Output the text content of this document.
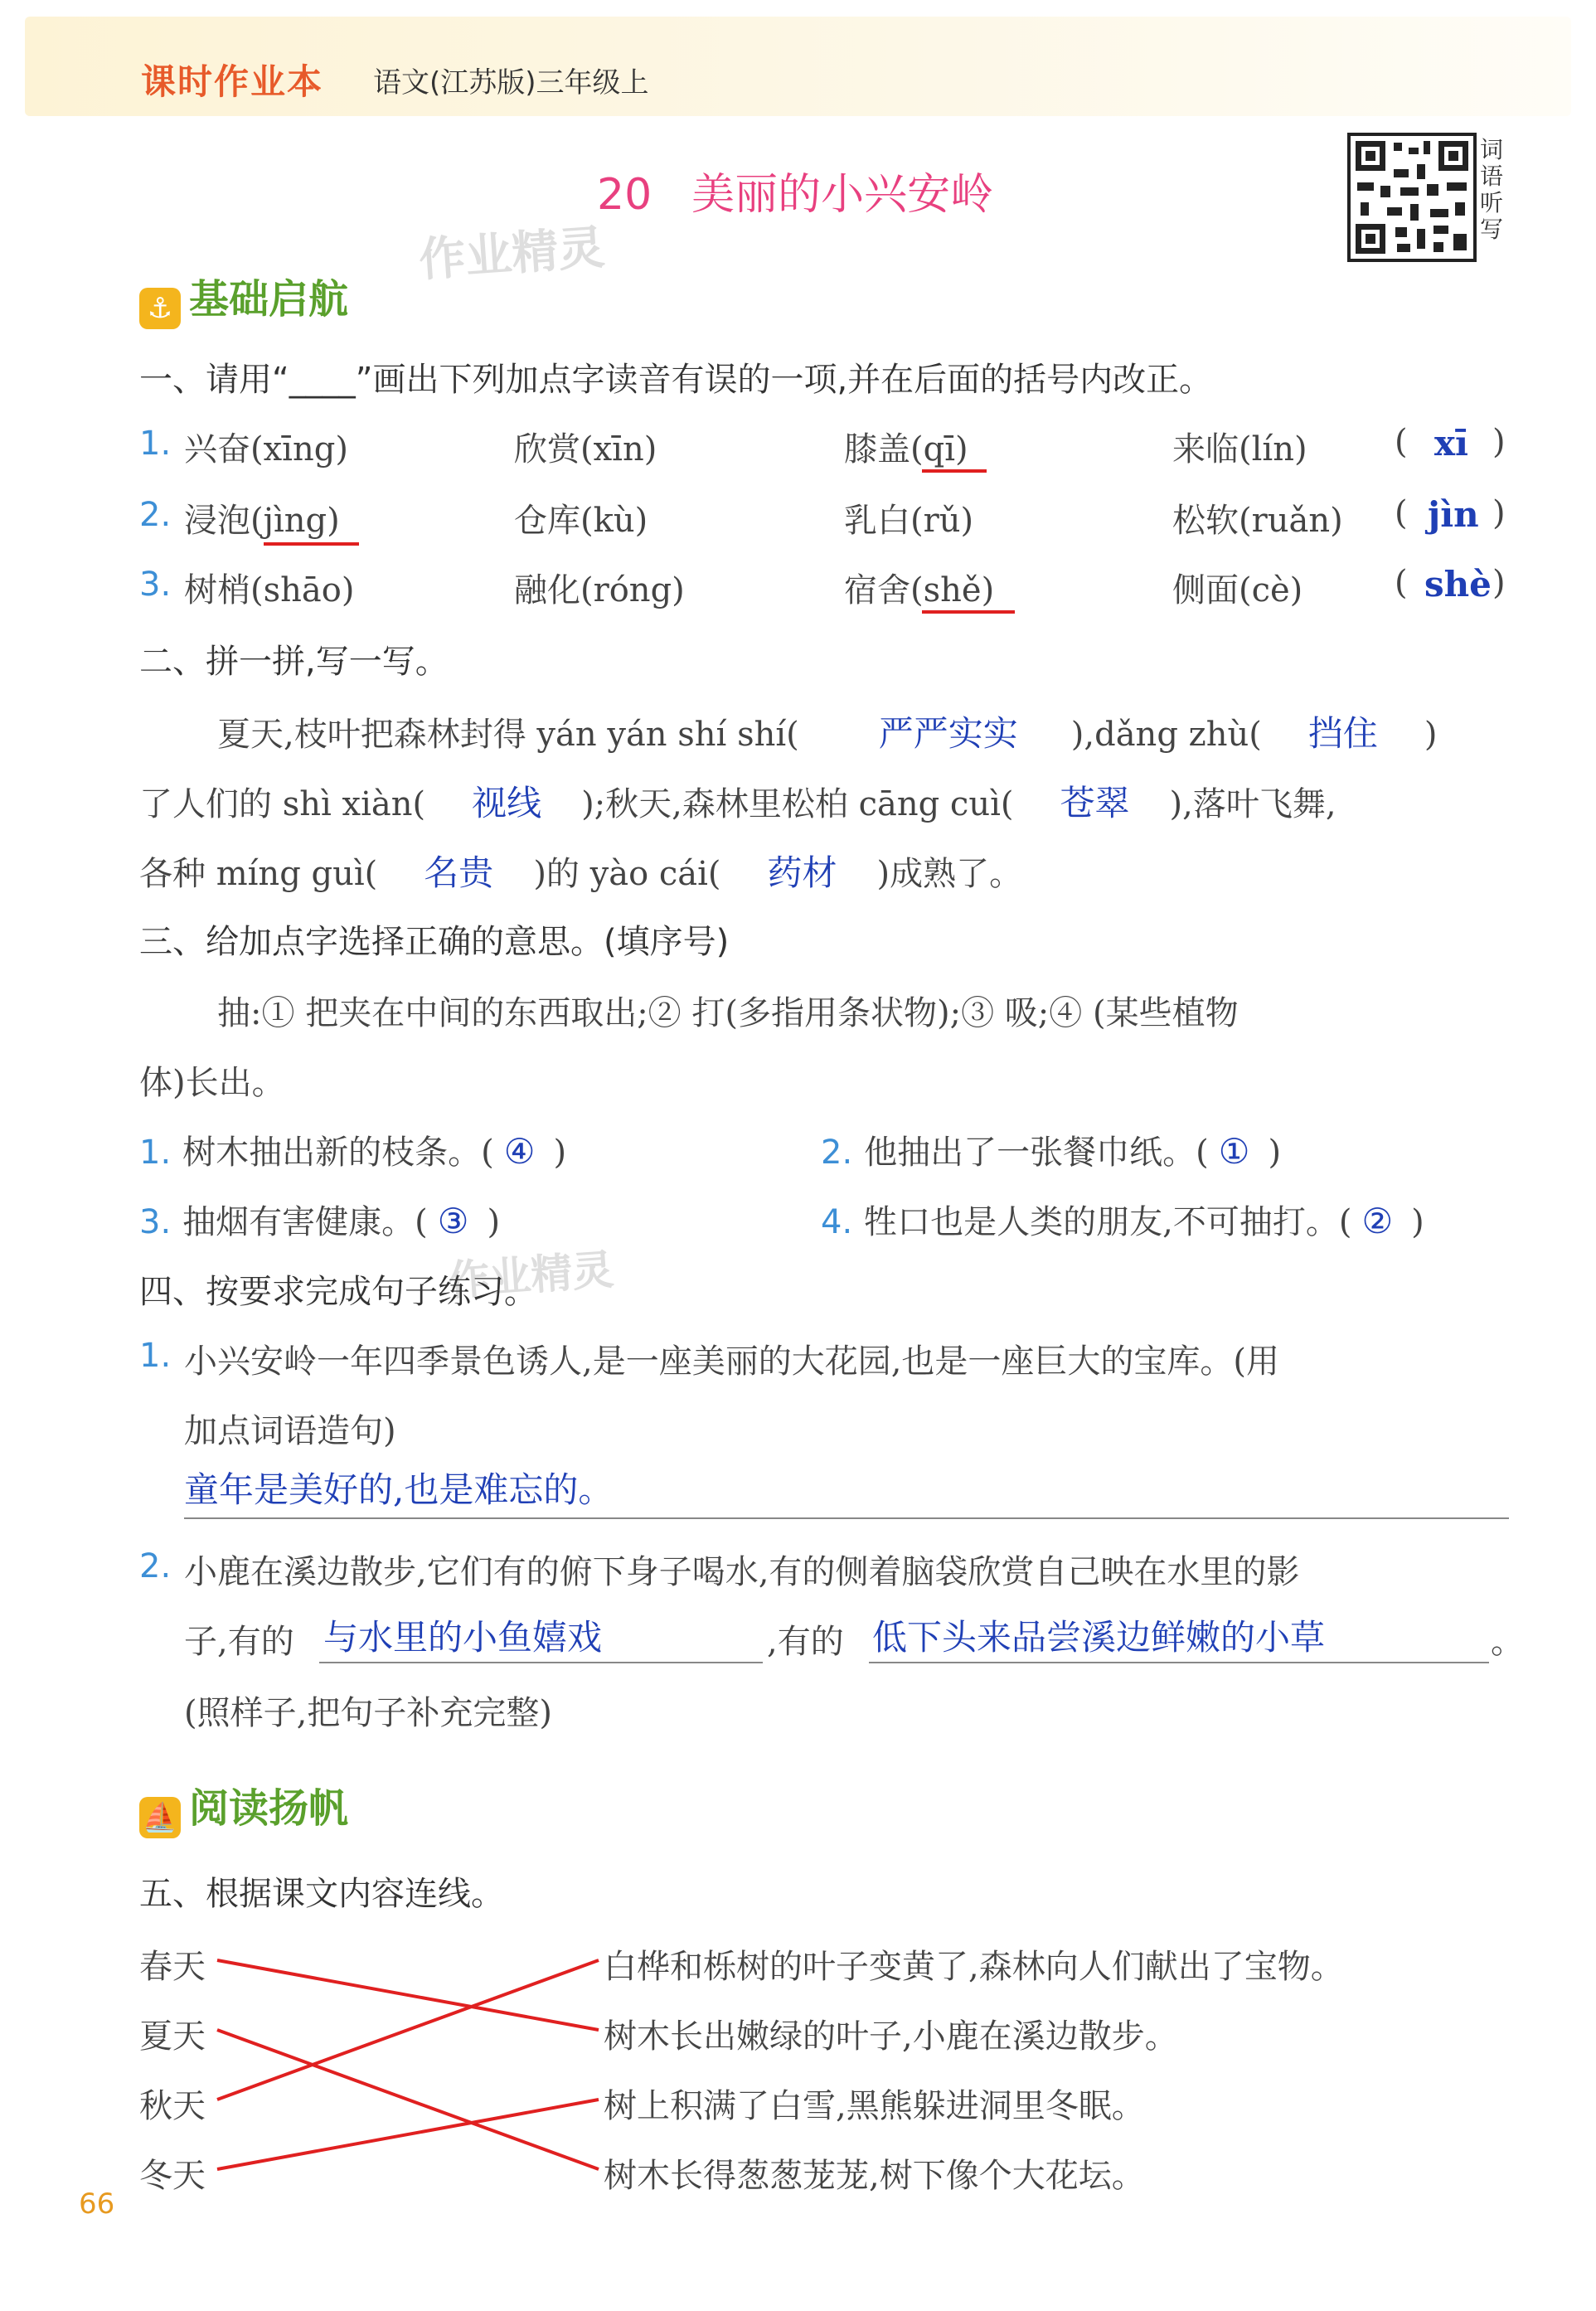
课时作业本 语文(江苏版)三年级上
20 美丽的小兴安岭
词语听写
作业精灵
作业精灵
⚓ 基础启航
一、请用“____”画出下列加点字读音有误的一项,并在后面的括号内改正。
1. 兴奋(xīng)	欣赏(xīn)	膝盖(qī)	来临(lín)	( xī )
2. 浸泡(jìng)	仓库(kù)	乳白(rǔ)	松软(ruǎn) ( jìn )
3. 树梢(shāo)	融化(róng)	宿舍(shě)	侧面(cè)	( shè )
二、拼一拼,写一写。
夏天,枝叶把森林封得 yán yán shí shí( 严严实实 ),dǎng zhù( 挡住 )
了人们的 shì xiàn( 视线 );秋天,森林里松柏 cāng cuì( 苍翠 ),落叶飞舞,
各种 míng guì( 名贵 )的 yào cái( 药材 )成熟了。
三、给加点字选择正确的意思。(填序号)
抽:① 把夹在中间的东西取出;② 打(多指用条状物);③ 吸;④ (某些植物
体)长出。
1. 树木抽出新的枝条。( ④ )	2. 他抽出了一张餐巾纸。( ① )
3. 抽烟有害健康。( ③ )	4. 牲口也是人类的朋友,不可抽打。( ② )
四、按要求完成句子练习。
1. 小兴安岭一年四季景色诱人,是一座美丽的大花园,也是一座巨大的宝库。(用
加点词语造句)
童年是美好的,也是难忘的。
2. 小鹿在溪边散步,它们有的俯下身子喝水,有的侧着脑袋欣赏自己映在水里的影
子,有的 与水里的小鱼嬉戏	,有的 低下头来品尝溪边鲜嫩的小草	。
(照样子,把句子补充完整)
⛵ 阅读扬帆
五、根据课文内容连线。
春天
夏天
秋天
冬天
白桦和栎树的叶子变黄了,森林向人们献出了宝物。
树木长出嫩绿的叶子,小鹿在溪边散步。
树上积满了白雪,黑熊躲进洞里冬眠。
树木长得葱葱茏茏,树下像个大花坛。
66
